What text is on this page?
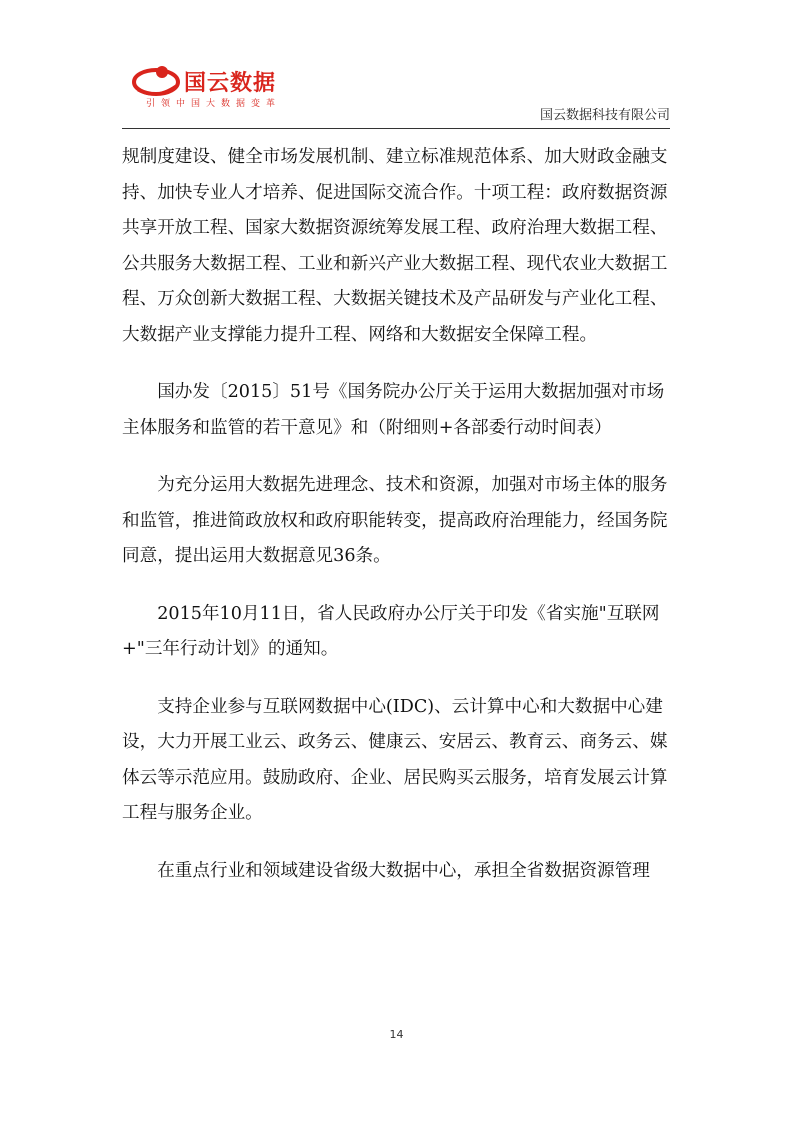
国云数据
引领中国大数据变革
国云数据科技有限公司

规制度建设、健全市场发展机制、建立标准规范体系、加大财政金融支持、加快专业人才培养、促进国际交流合作。十项工程：政府数据资源共享开放工程、国家大数据资源统筹发展工程、政府治理大数据工程、公共服务大数据工程、工业和新兴产业大数据工程、现代农业大数据工程、万众创新大数据工程、大数据关键技术及产品研发与产业化工程、大数据产业支撑能力提升工程、网络和大数据安全保障工程。

国办发〔2015〕51号《国务院办公厅关于运用大数据加强对市场主体服务和监管的若干意见》和（附细则+各部委行动时间表）

为充分运用大数据先进理念、技术和资源，加强对市场主体的服务和监管，推进简政放权和政府职能转变，提高政府治理能力，经国务院同意，提出运用大数据意见36条。

2015年10月11日，省人民政府办公厅关于印发《省实施"互联网+"三年行动计划》的通知。

支持企业参与互联网数据中心(IDC)、云计算中心和大数据中心建设，大力开展工业云、政务云、健康云、安居云、教育云、商务云、媒体云等示范应用。鼓励政府、企业、居民购买云服务，培育发展云计算工程与服务企业。

在重点行业和领域建设省级大数据中心，承担全省数据资源管理

14
